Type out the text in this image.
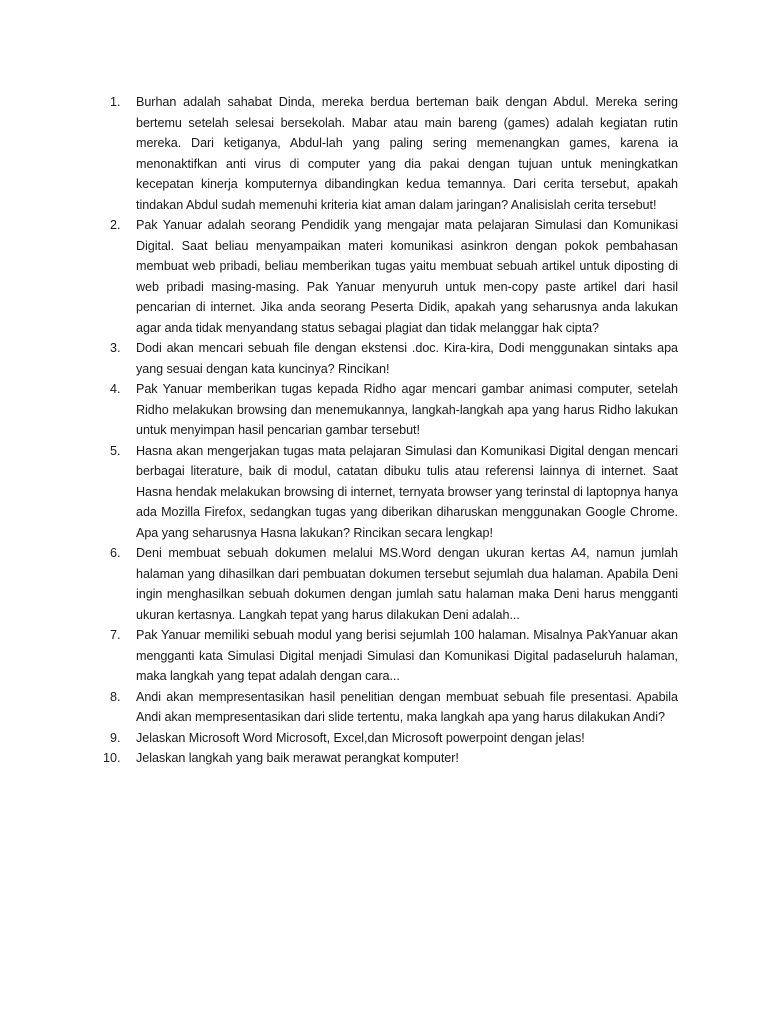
1.	Burhan adalah sahabat Dinda, mereka berdua berteman baik dengan Abdul. Mereka sering bertemu setelah selesai bersekolah. Mabar atau main bareng (games) adalah kegiatan rutin mereka. Dari ketiganya, Abdul-lah yang paling sering memenangkan games, karena ia menonaktifkan anti virus di computer yang dia pakai dengan tujuan untuk meningkatkan kecepatan kinerja komputernya dibandingkan kedua temannya. Dari cerita tersebut, apakah tindakan Abdul sudah memenuhi kriteria kiat aman dalam jaringan? Analisislah cerita tersebut!
2.	Pak Yanuar adalah seorang Pendidik yang mengajar mata pelajaran Simulasi dan Komunikasi Digital. Saat beliau menyampaikan materi komunikasi asinkron dengan pokok pembahasan membuat web pribadi, beliau memberikan tugas yaitu membuat sebuah artikel untuk diposting di web pribadi masing-masing. Pak Yanuar menyuruh untuk men-copy paste artikel dari hasil pencarian di internet. Jika anda seorang Peserta Didik, apakah yang seharusnya anda lakukan agar anda tidak menyandang status sebagai plagiat dan tidak melanggar hak cipta?
3.	Dodi akan mencari sebuah file dengan ekstensi .doc. Kira-kira, Dodi menggunakan sintaks apa yang sesuai dengan kata kuncinya? Rincikan!
4.	Pak Yanuar memberikan tugas kepada Ridho agar mencari gambar animasi computer, setelah Ridho melakukan browsing dan menemukannya, langkah-langkah apa yang harus Ridho lakukan untuk menyimpan hasil pencarian gambar tersebut!
5.	Hasna akan mengerjakan tugas mata pelajaran Simulasi dan Komunikasi Digital dengan mencari berbagai literature, baik di modul, catatan dibuku tulis atau referensi lainnya di internet. Saat Hasna hendak melakukan browsing di internet, ternyata browser yang terinstal di laptopnya hanya ada Mozilla Firefox, sedangkan tugas yang diberikan diharuskan menggunakan Google Chrome. Apa yang seharusnya Hasna lakukan? Rincikan secara lengkap!
6.	Deni membuat sebuah dokumen melalui MS.Word dengan ukuran kertas A4, namun jumlah halaman yang dihasilkan dari pembuatan dokumen tersebut sejumlah dua halaman. Apabila Deni ingin menghasilkan sebuah dokumen dengan jumlah satu halaman maka Deni harus mengganti ukuran kertasnya. Langkah tepat yang harus dilakukan Deni adalah...
7.	Pak Yanuar memiliki sebuah modul yang berisi sejumlah 100 halaman. Misalnya PakYanuar akan mengganti kata Simulasi Digital menjadi Simulasi dan Komunikasi Digital padaseluruh halaman, maka langkah yang tepat adalah dengan cara...
8.	Andi akan mempresentasikan hasil penelitian dengan membuat sebuah file presentasi. Apabila Andi akan mempresentasikan dari slide tertentu, maka langkah apa yang harus dilakukan Andi?
9.	Jelaskan Microsoft Word Microsoft, Excel,dan Microsoft powerpoint dengan jelas!
10.	Jelaskan langkah yang baik merawat perangkat komputer!
